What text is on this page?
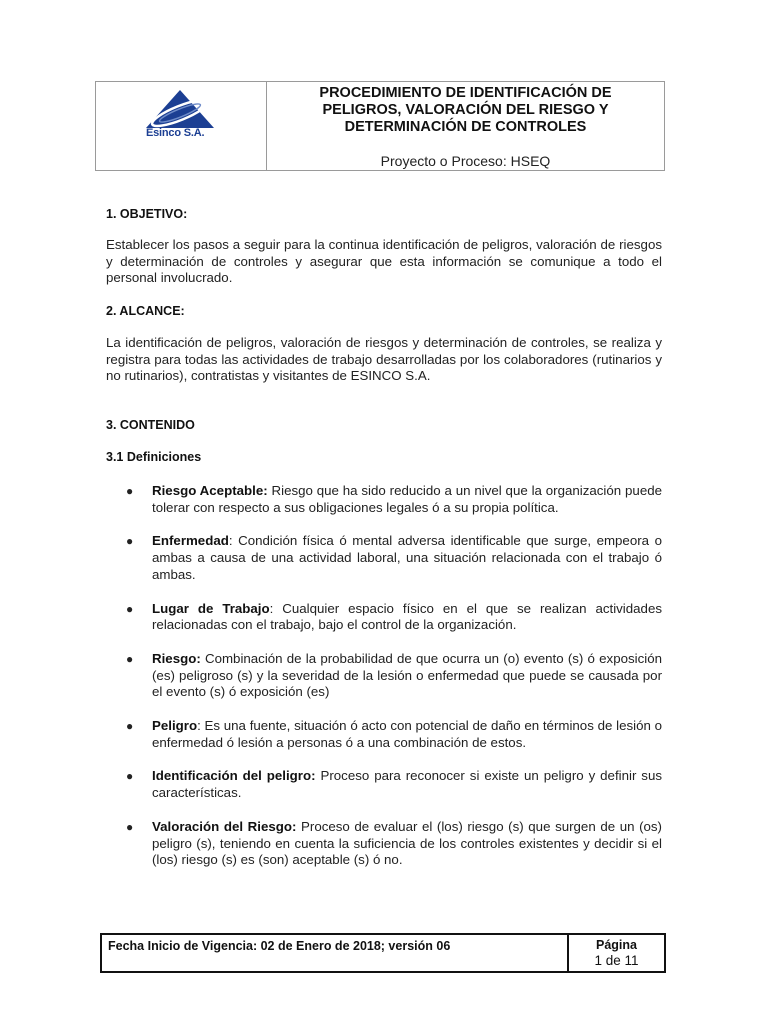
Esinco S.A.
PROCEDIMIENTO DE IDENTIFICACIÓN DE
PELIGROS, VALORACIÓN DEL RIESGO Y
DETERMINACIÓN DE CONTROLES
Proyecto o Proceso: HSEQ
1. OBJETIVO:
Establecer los pasos a seguir para la continua identificación de peligros, valoración de riesgos y determinación de controles y asegurar que esta información se comunique a todo el personal involucrado.
2. ALCANCE:
La identificación de peligros, valoración de riesgos y determinación de controles, se realiza y registra para todas las actividades de trabajo desarrolladas por los colaboradores (rutinarios y no rutinarios), contratistas y visitantes de ESINCO S.A.
3. CONTENIDO
3.1 Definiciones
● Riesgo Aceptable: Riesgo que ha sido reducido a un nivel que la organización puede tolerar con respecto a sus obligaciones legales ó a su propia política.
● Enfermedad: Condición física ó mental adversa identificable que surge, empeora o ambas a causa de una actividad laboral, una situación relacionada con el trabajo ó ambas.
● Lugar de Trabajo: Cualquier espacio físico en el que se realizan actividades relacionadas con el trabajo, bajo el control de la organización.
● Riesgo: Combinación de la probabilidad de que ocurra un (o) evento (s) ó exposición (es) peligroso (s) y la severidad de la lesión o enfermedad que puede se causada por el evento (s) ó exposición (es)
● Peligro: Es una fuente, situación ó acto con potencial de daño en términos de lesión o enfermedad ó lesión a personas ó a una combinación de estos.
● Identificación del peligro: Proceso para reconocer si existe un peligro y definir sus características.
● Valoración del Riesgo: Proceso de evaluar el (los) riesgo (s) que surgen de un (os) peligro (s), teniendo en cuenta la suficiencia de los controles existentes y decidir si el (los) riesgo (s) es (son) aceptable (s) ó no.
Fecha Inicio de Vigencia: 02 de Enero de 2018; versión 06	Página
1 de 11
